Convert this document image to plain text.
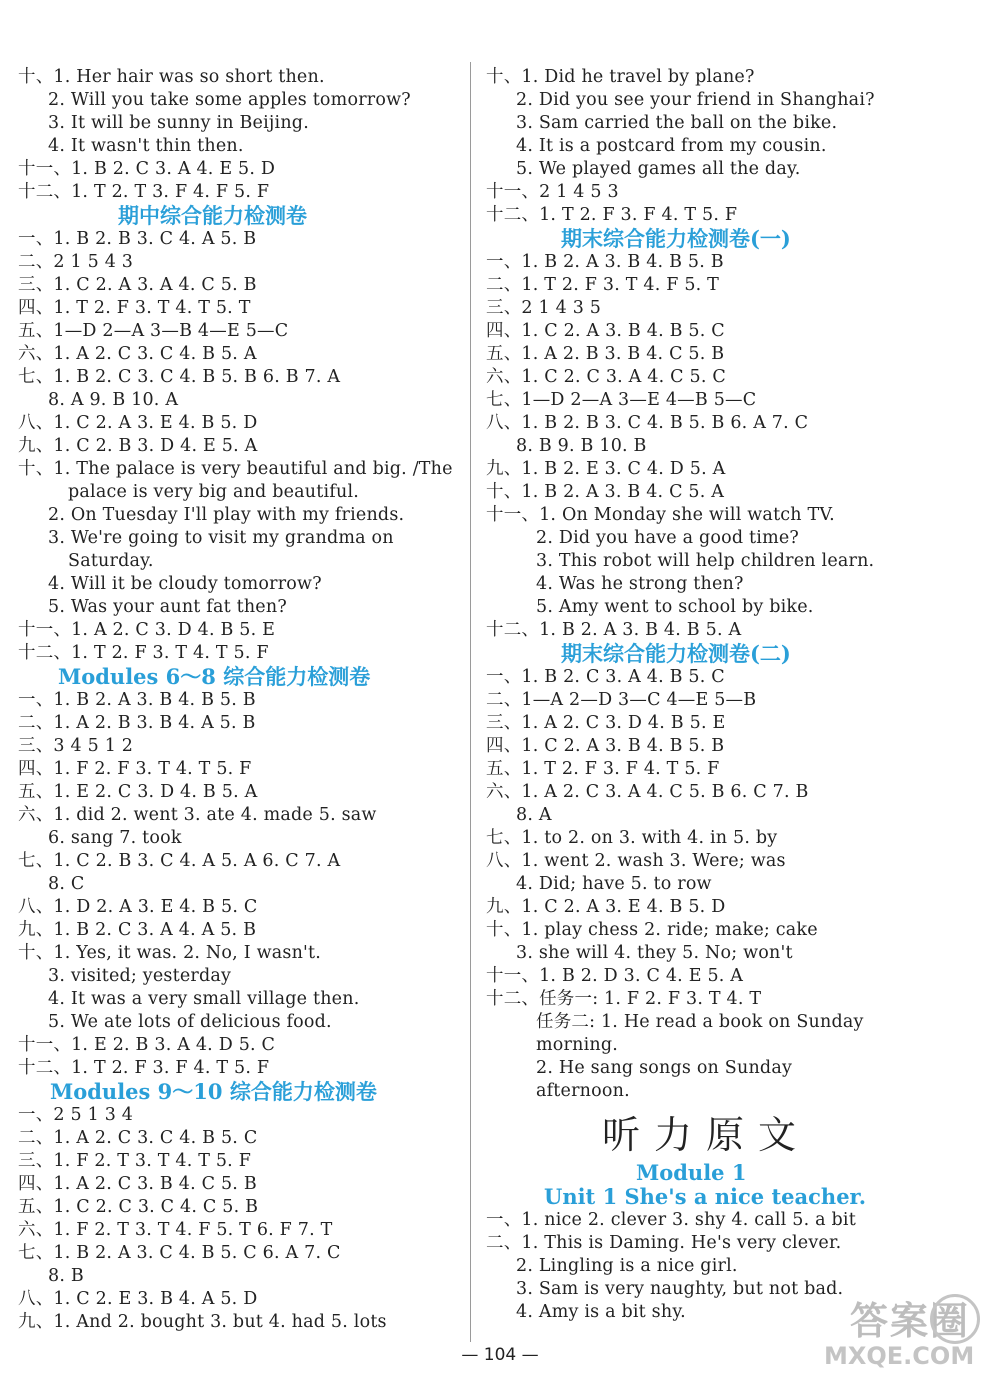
十、1. Her hair was so short then.
2. Will you take some apples tomorrow?
3. It will be sunny in Beijing.
4. It wasn't thin then.
十一、1. B 2. C 3. A 4. E 5. D
十二、1. T 2. T 3. F 4. F 5. F
期中综合能力检测卷
一、1. B 2. B 3. C 4. A 5. B
二、2 1 5 4 3
三、1. C 2. A 3. A 4. C 5. B
四、1. T 2. F 3. T 4. T 5. T
五、1—D 2—A 3—B 4—E 5—C
六、1. A 2. C 3. C 4. B 5. A
七、1. B 2. C 3. C 4. B 5. B 6. B 7. A
8. A 9. B 10. A
八、1. C 2. A 3. E 4. B 5. D
九、1. C 2. B 3. D 4. E 5. A
十、1. The palace is very beautiful and big. /The
palace is very big and beautiful.
2. On Tuesday I'll play with my friends.
3. We're going to visit my grandma on
Saturday.
4. Will it be cloudy tomorrow?
5. Was your aunt fat then?
十一、1. A 2. C 3. D 4. B 5. E
十二、1. T 2. F 3. T 4. T 5. F
Modules 6～8 综合能力检测卷
一、1. B 2. A 3. B 4. B 5. B
二、1. A 2. B 3. B 4. A 5. B
三、3 4 5 1 2
四、1. F 2. F 3. T 4. T 5. F
五、1. E 2. C 3. D 4. B 5. A
六、1. did 2. went 3. ate 4. made 5. saw
6. sang 7. took
七、1. C 2. B 3. C 4. A 5. A 6. C 7. A
8. C
八、1. D 2. A 3. E 4. B 5. C
九、1. B 2. C 3. A 4. A 5. B
十、1. Yes, it was. 2. No, I wasn't.
3. visited; yesterday
4. It was a very small village then.
5. We ate lots of delicious food.
十一、1. E 2. B 3. A 4. D 5. C
十二、1. T 2. F 3. F 4. T 5. F
Modules 9～10 综合能力检测卷
一、2 5 1 3 4
二、1. A 2. C 3. C 4. B 5. C
三、1. F 2. T 3. T 4. T 5. F
四、1. A 2. C 3. B 4. C 5. B
五、1. C 2. C 3. C 4. C 5. B
六、1. F 2. T 3. T 4. F 5. T 6. F 7. T
七、1. B 2. A 3. C 4. B 5. C 6. A 7. C
8. B
八、1. C 2. E 3. B 4. A 5. D
九、1. And 2. bought 3. but 4. had 5. lots
十、1. Did he travel by plane?
2. Did you see your friend in Shanghai?
3. Sam carried the ball on the bike.
4. It is a postcard from my cousin.
5. We played games all the day.
十一、2 1 4 5 3
十二、1. T 2. F 3. F 4. T 5. F
期末综合能力检测卷(一)
一、1. B 2. A 3. B 4. B 5. B
二、1. T 2. F 3. T 4. F 5. T
三、2 1 4 3 5
四、1. C 2. A 3. B 4. B 5. C
五、1. A 2. B 3. B 4. C 5. B
六、1. C 2. C 3. A 4. C 5. C
七、1—D 2—A 3—E 4—B 5—C
八、1. B 2. B 3. C 4. B 5. B 6. A 7. C
8. B 9. B 10. B
九、1. B 2. E 3. C 4. D 5. A
十、1. B 2. A 3. B 4. C 5. A
十一、1. On Monday she will watch TV.
2. Did you have a good time?
3. This robot will help children learn.
4. Was he strong then?
5. Amy went to school by bike.
十二、1. B 2. A 3. B 4. B 5. A
期末综合能力检测卷(二)
一、1. B 2. C 3. A 4. B 5. C
二、1—A 2—D 3—C 4—E 5—B
三、1. A 2. C 3. D 4. B 5. E
四、1. C 2. A 3. B 4. B 5. B
五、1. T 2. F 3. F 4. T 5. F
六、1. A 2. C 3. A 4. C 5. B 6. C 7. B
8. A
七、1. to 2. on 3. with 4. in 5. by
八、1. went 2. wash 3. Were; was
4. Did; have 5. to row
九、1. C 2. A 3. E 4. B 5. D
十、1. play chess 2. ride; make; cake
3. she will 4. they 5. No; won't
十一、1. B 2. D 3. C 4. E 5. A
十二、任务一: 1. F 2. F 3. T 4. T
任务二: 1. He read a book on Sunday
morning.
2. He sang songs on Sunday
afternoon.
听力原文
Module 1
Unit 1 She's a nice teacher.
一、1. nice 2. clever 3. shy 4. call 5. a bit
二、1. This is Daming. He's very clever.
2. Lingling is a nice girl.
3. Sam is very naughty, but not bad.
4. Amy is a bit shy.
— 104 —
答案圈
MXQE.COM
